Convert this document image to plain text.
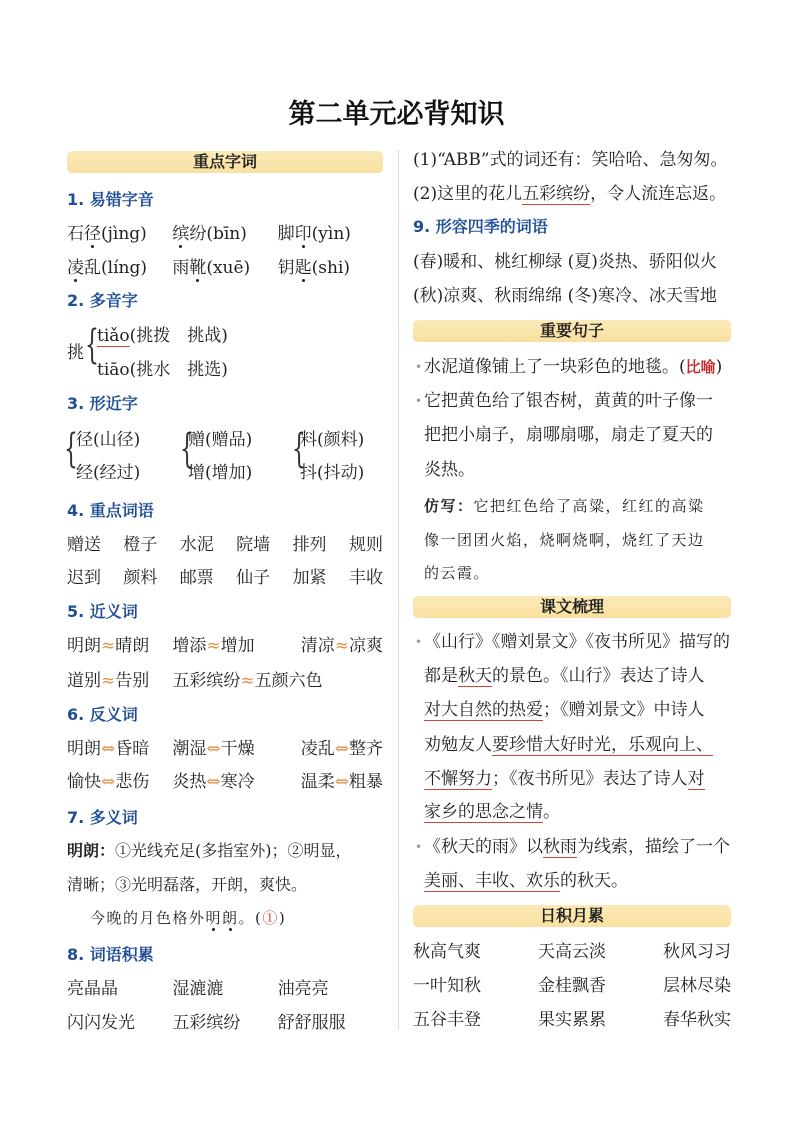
第二单元必背知识
重点字词
1. 易错字音
石径(jìng)	缤纷(bīn)	脚印(yìn)
凌乱(líng)	雨靴(xuē)	钥匙(shi)
2. 多音字
挑 {
tiǎo(挑拨　挑战)
tiāo(挑水　挑选)
3. 形近字
{	{ {
径(山径)
经(经过)
赠(赠品)
增(增加)
料(颜料)
抖(抖动)
4. 重点词语
赠送 橙子 水泥 院墙 排列 规则
迟到 颜料 邮票 仙子 加紧 丰收
5. 近义词
明朗≈晴朗	增添≈增加	清凉≈凉爽
道别≈告别	五彩缤纷≈五颜六色
6. 反义词
明朗⇔昏暗	潮湿⇔干燥	凌乱⇔整齐
愉快⇔悲伤	炎热⇔寒冷	温柔⇔粗暴
7. 多义词
明朗：①光线充足(多指室外)；②明显，
清晰；③光明磊落，开朗，爽快。
今晚的月色格外明朗。(①)
8. 词语积累
亮晶晶	湿漉漉	油亮亮
闪闪发光	五彩缤纷	舒舒服服
(1)“ABB”式的词还有：笑哈哈、急匆匆。
(2)这里的花儿五彩缤纷，令人流连忘返。
9. 形容四季的词语
(春)暖和、桃红柳绿 (夏)炎热、骄阳似火
(秋)凉爽、秋雨绵绵 (冬)寒冷、冰天雪地
重要句子
• 水泥道像铺上了一块彩色的地毯。(比喻)
• 它把黄色给了银杏树，黄黄的叶子像一
把把小扇子，扇哪扇哪，扇走了夏天的
炎热。
仿写：它把红色给了高粱，红红的高粱
像一团团火焰，烧啊烧啊，烧红了天边
的云霞。
课文梳理
• 《山行》《赠刘景文》《夜书所见》描写的
都是秋天的景色。《山行》表达了诗人
对大自然的热爱；《赠刘景文》中诗人
劝勉友人要珍惜大好时光，乐观向上、
不懈努力；《夜书所见》表达了诗人对
家乡的思念之情。
• 《秋天的雨》以秋雨为线索，描绘了一个
美丽、丰收、欢乐的秋天。
日积月累
秋高气爽	天高云淡	秋风习习
一叶知秋	金桂飘香	层林尽染
五谷丰登	果实累累	春华秋实
